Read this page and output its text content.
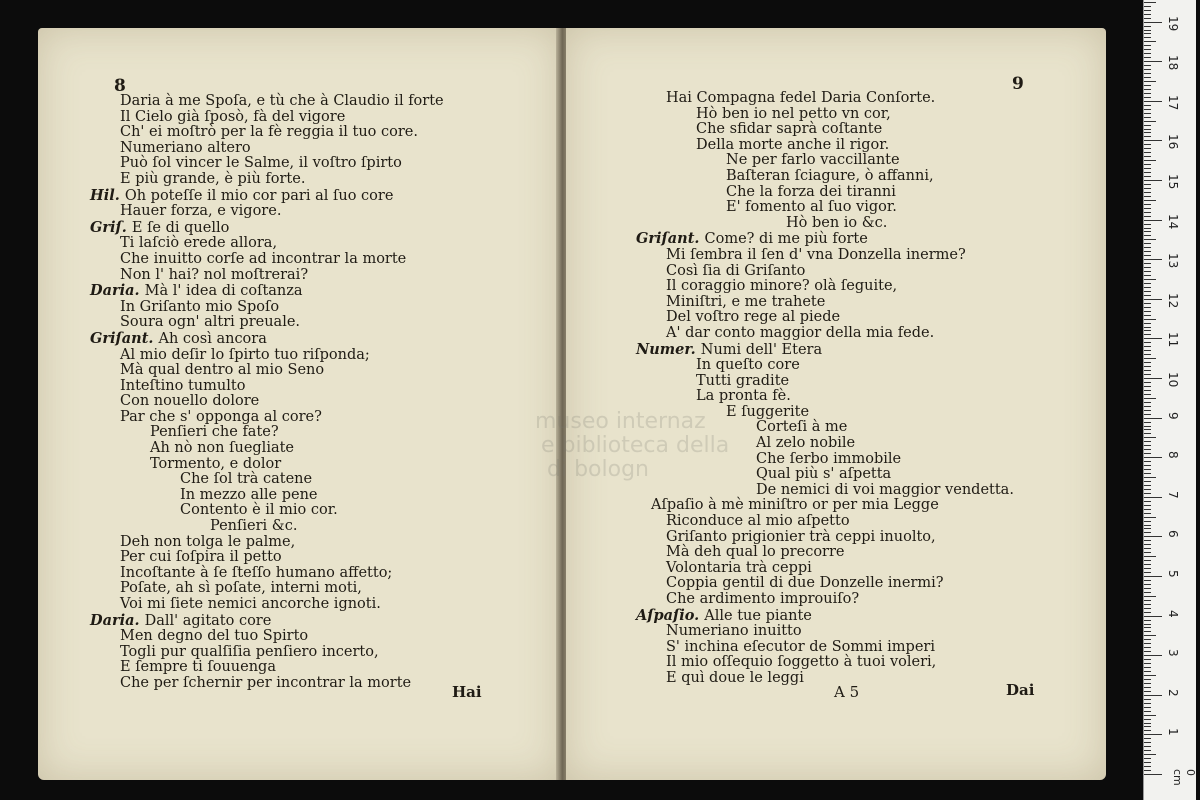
8
Daria à me Spoſa, e tù che à Claudio il forte
Il Cielo già ſposò, fà del vigore
Ch' ei moſtrò per la fè reggia il tuo core.
Numeriano altero
Può ſol vincer le Salme, il voſtro ſpirto
E più grande, è più forte.
Hil. Oh poteſſe il mio cor pari al ſuo core
Hauer forza, e vigore.
Griſ. E ſe di quello
Ti laſciò erede allora,
Che inuitto corſe ad incontrar la morte
Non l' hai? nol moſtrerai?
Daria. Mà l' idea di coſtanza
In Griſanto mio Spoſo
Soura ogn' altri preuale.
Griſant. Ah così ancora
Al mio deſir lo ſpirto tuo riſponda;
Mà qual dentro al mio Seno
Inteſtino tumulto
Con nouello dolore
Par che s' opponga al core?
Penſieri che fate?
Ah nò non ſuegliate
Tormento, e dolor
Che ſol trà catene
In mezzo alle pene
Contento è il mio cor.
Penſieri &c.
Deh non tolga le palme,
Per cui ſoſpira il petto
Incoſtante à ſe ſteſſo humano affetto;
Poſate, ah sì poſate, interni moti,
Voi mi ſiete nemici ancorche ignoti.
Daria. Dall' agitato core
Men degno del tuo Spirto
Togli pur qualſiſia penſiero incerto,
E ſempre ti ſouuenga
Che per ſchernir per incontrar la morte
Hai
9
Hai Compagna fedel Daria Conſorte.
Hò ben io nel petto vn cor,
Che sfidar saprà coſtante
Della morte anche il rigor.
Ne per farlo vaccillante
Baſteran ſciagure, ò affanni,
Che la forza dei tiranni
E' fomento al ſuo vigor.
Hò ben io &c.
Griſant. Come? di me più forte
Mi ſembra il ſen d' vna Donzella inerme?
Così ſia di Griſanto
Il coraggio minore? olà ſeguite,
Miniſtri, e me trahete
Del voſtro rege al piede
A' dar conto maggior della mia fede.
Numer. Numi dell' Etera
In queſto core
Tutti gradite
La pronta fè.
E ſuggerite
Corteſi à me
Al zelo nobile
Che ſerbo immobile
Qual più s' aſpetta
De nemici di voi maggior vendetta.
Aſpaſio à mè miniſtro or per mia Legge
Riconduce al mio aſpetto
Griſanto prigionier trà ceppi inuolto,
Mà deh qual lo precorre
Volontaria trà ceppi
Coppia gentil di due Donzelle inermi?
Che ardimento improuiſo?
Aſpaſio. Alle tue piante
Numeriano inuitto
S' inchina eſecutor de Sommi imperi
Il mio oſſequio ſoggetto à tuoi voleri,
E quì doue le leggi
A 5	Dai
museo internaz
e biblioteca della
di bologn
0 cm
1
2
3
4
5
6
7
8
9
10
11
12
13
14
15
16
17
18
19
